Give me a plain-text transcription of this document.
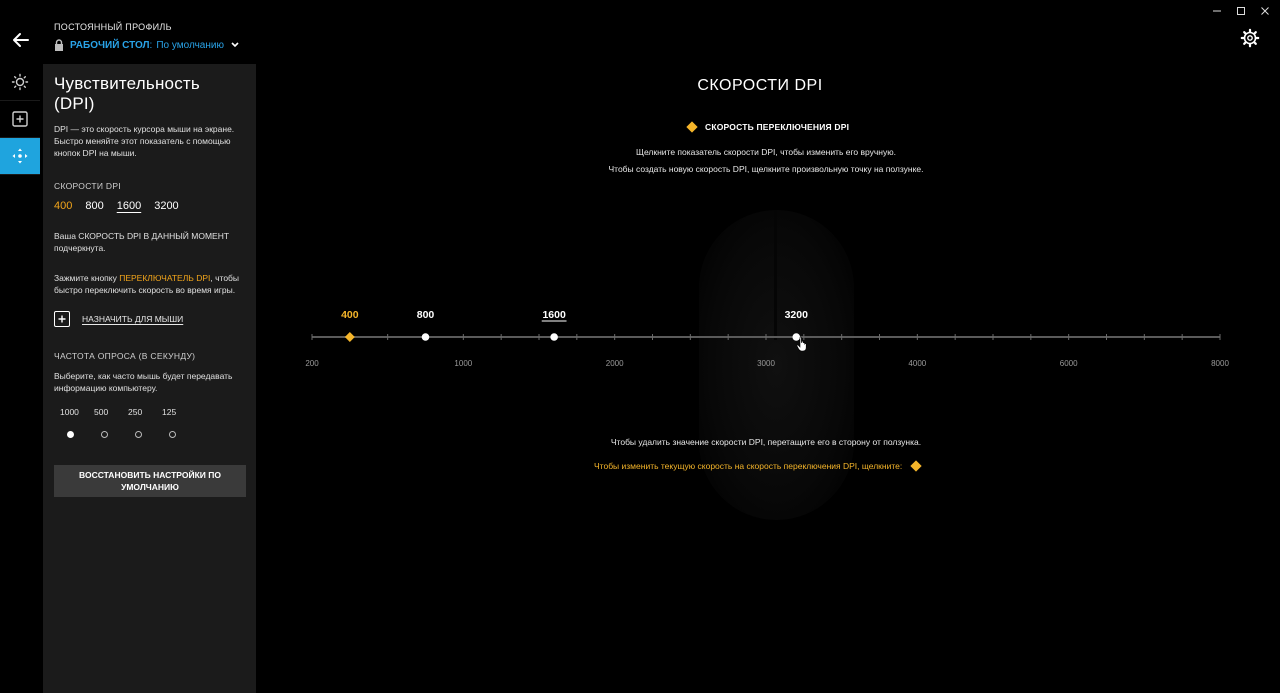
ПОСТОЯННЫЙ ПРОФИЛЬ
РАБОЧИЙ СТОЛ : По умолчанию
Чувствительность (DPI)
DPI — это скорость курсора мыши на экране. Быстро меняйте этот показатель с помощью кнопок DPI на мыши.
СКОРОСТИ DPI
400 800 1600 3200
Ваша СКОРОСТЬ DPI В ДАННЫЙ МОМЕНТ подчеркнута.
Зажмите кнопку ПЕРЕКЛЮЧАТЕЛЬ DPI, чтобы быстро переключить скорость во время игры.
НАЗНАЧИТЬ ДЛЯ МЫШИ
ЧАСТОТА ОПРОСА (В СЕКУНДУ)
Выберите, как часто мышь будет передавать информацию компьютеру.
1000 500 250 125
ВОССТАНОВИТЬ НАСТРОЙКИ ПО УМОЛЧАНИЮ
СКОРОСТИ DPI
СКОРОСТЬ ПЕРЕКЛЮЧЕНИЯ DPI
Щелкните показатель скорости DPI, чтобы изменить его вручную.
Чтобы создать новую скорость DPI, щелкните произвольную точку на ползунке.
200	1000	2000	3000	4000	6000	8000
400	800	1600	3200
Чтобы удалить значение скорости DPI, перетащите его в сторону от ползунка.
Чтобы изменить текущую скорость на скорость переключения DPI, щелкните:
